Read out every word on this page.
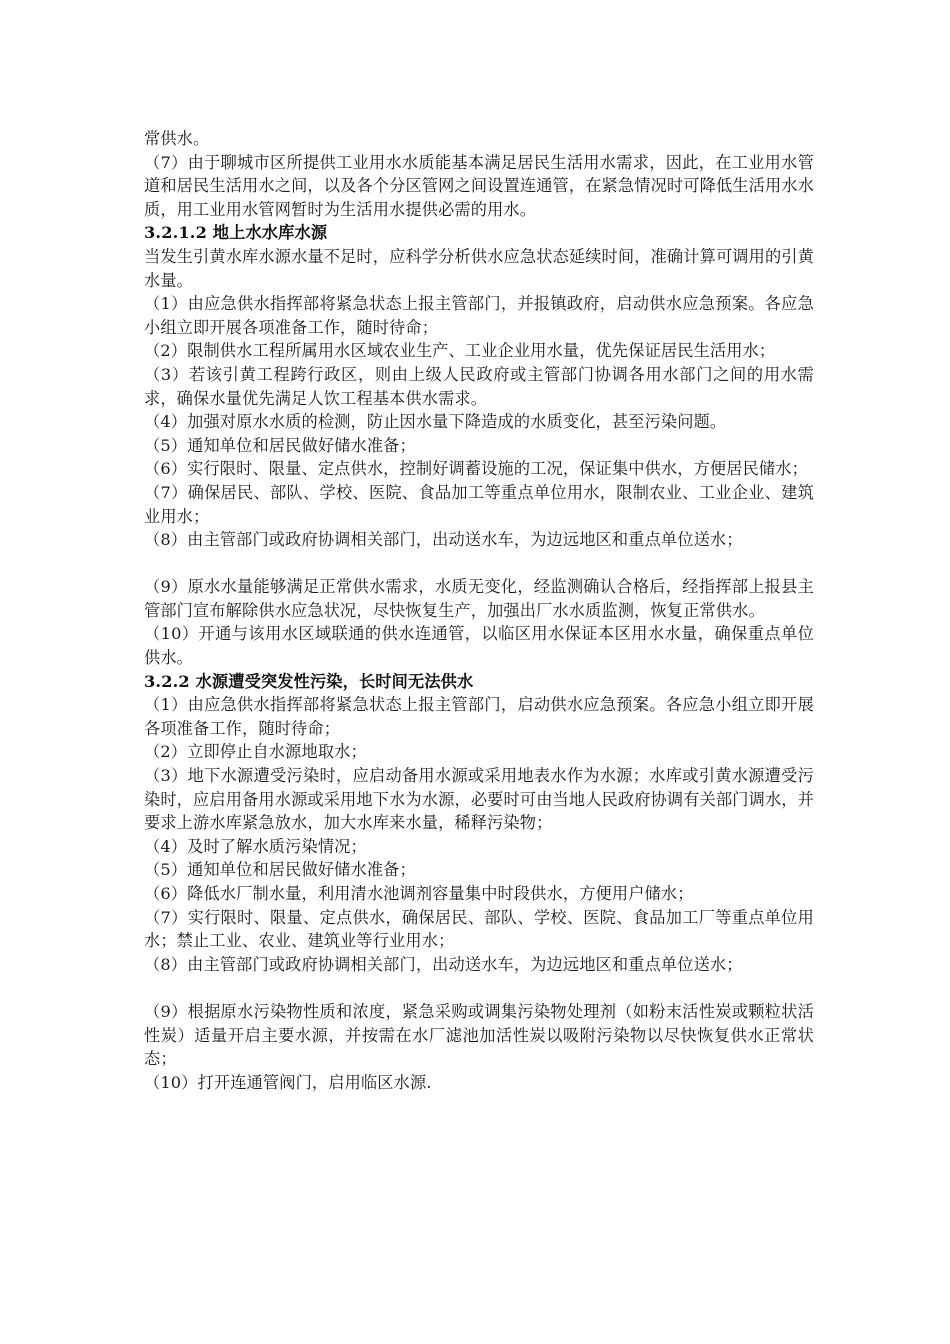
常供水。

（7）由于聊城市区所提供工业用水水质能基本满足居民生活用水需求，因此，在工业用水管道和居民生活用水之间，以及各个分区管网之间设置连通管，在紧急情况时可降低生活用水水质，用工业用水管网暂时为生活用水提供必需的用水。

3.2.1.2 地上水水库水源

当发生引黄水库水源水量不足时，应科学分析供水应急状态延续时间，准确计算可调用的引黄水量。

（1）由应急供水指挥部将紧急状态上报主管部门，并报镇政府，启动供水应急预案。各应急小组立即开展各项准备工作，随时待命；

（2）限制供水工程所属用水区域农业生产、工业企业用水量，优先保证居民生活用水；

（3）若该引黄工程跨行政区，则由上级人民政府或主管部门协调各用水部门之间的用水需求，确保水量优先满足人饮工程基本供水需求。

（4）加强对原水水质的检测，防止因水量下降造成的水质变化，甚至污染问题。

（5）通知单位和居民做好储水准备；

（6）实行限时、限量、定点供水，控制好调蓄设施的工况，保证集中供水，方便居民储水；

（7）确保居民、部队、学校、医院、食品加工等重点单位用水，限制农业、工业企业、建筑业用水；

（8）由主管部门或政府协调相关部门，出动送水车，为边远地区和重点单位送水；

（9）原水水量能够满足正常供水需求，水质无变化，经监测确认合格后，经指挥部上报县主管部门宣布解除供水应急状况，尽快恢复生产，加强出厂水水质监测，恢复正常供水。

（10）开通与该用水区域联通的供水连通管，以临区用水保证本区用水水量，确保重点单位供水。

3.2.2 水源遭受突发性污染，长时间无法供水

（1）由应急供水指挥部将紧急状态上报主管部门，启动供水应急预案。各应急小组立即开展各项准备工作，随时待命；

（2）立即停止自水源地取水；

（3）地下水源遭受污染时，应启动备用水源或采用地表水作为水源；水库或引黄水源遭受污染时，应启用备用水源或采用地下水为水源，必要时可由当地人民政府协调有关部门调水，并要求上游水库紧急放水，加大水库来水量，稀释污染物；

（4）及时了解水质污染情况；

（5）通知单位和居民做好储水准备；

（6）降低水厂制水量，利用清水池调剂容量集中时段供水，方便用户储水；

（7）实行限时、限量、定点供水，确保居民、部队、学校、医院、食品加工厂等重点单位用水；禁止工业、农业、建筑业等行业用水；

（8）由主管部门或政府协调相关部门，出动送水车，为边远地区和重点单位送水；

（9）根据原水污染物性质和浓度，紧急采购或调集污染物处理剂（如粉末活性炭或颗粒状活性炭）适量开启主要水源，并按需在水厂滤池加活性炭以吸附污染物以尽快恢复供水正常状态；

（10）打开连通管阀门，启用临区水源.
